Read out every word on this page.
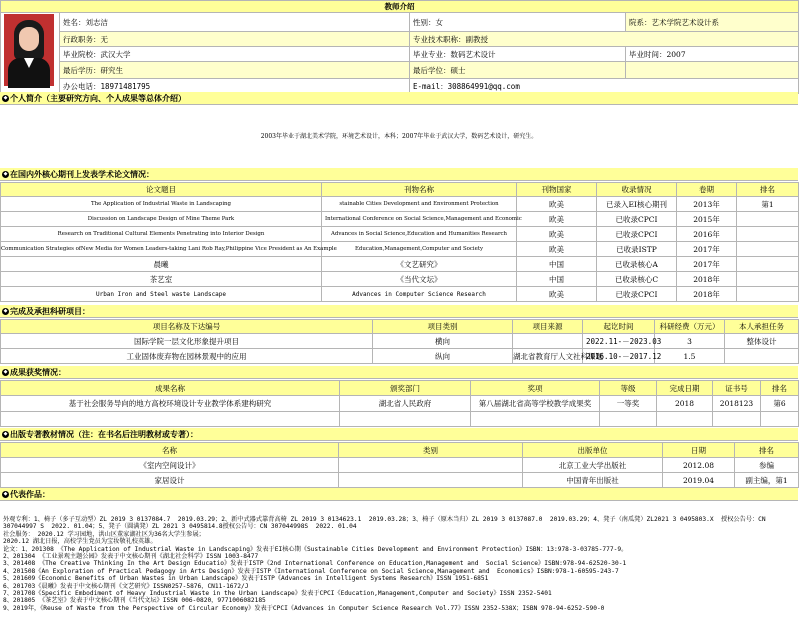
教师介绍			
	姓名：刘志洁	性别：女	院系：艺术学院艺术设计系
	行政职务：无	专业技术职称：副教授	
	毕业院校：武汉大学	毕业专业：数码艺术设计	毕业时间：2007
	最后学历：研究生	最后学位：硕士	
	办公电话：18971481795	E-mail：308864991@qq.com	
◆ 个人简介（主要研究方向、个人成果等总体介绍）
2003年毕业于湖北美术学院，环境艺术设计，本科；2007年毕业于武汉大学，数码艺术设计，研究生。
◆ 在国内外核心期刊上发表学术论文情况：
论文题目	刊物名称	刊物国家	收录情况	卷期	排名
The Application of Industrial Waste in Landscaping	stainable Cities Development and Environment Protection	欧美	已录入EI核心期刊	2013年	第1
Discussion on Landscape Design of Mine Theme Park	International Conference on Social Science,Management and Economic	欧美	已收录CPCI	2015年	
Research on Traditional Cultural Elements Penetrating into Interior Design	Advances in Social Science,Education and Humanities Research	欧美	已收录CPCI	2016年	
Communication Strategies ofNew Media for Women Leaders-taking Lani Rob Ray,Philippine Vice President as An Example	Education,Management,Computer and Society	欧美	已收录ISTP	2017年	
晨曦	《文艺研究》	中国	已收录核心A	2017年	
茶艺室	《当代文坛》	中国	已收录核心C	2018年	
Urban Iron and Steel waste Landscape	Advances in Computer Science Research	欧美	已收录CPCI	2018年	
◆ 完成及承担科研项目：
项目名称及下达编号	项目类别	项目来源	起讫时间	科研经费（万元）	本人承担任务
国际学院一层文化形象提升项目	横向		2022.11-－2023.03	3	整体设计
工业固体废弃物在园林景观中的应用	纵向	湖北省教育厅人文社科课题	2016.10-－2017.12	1.5	
◆ 成果获奖情况：
成果名称	颁奖部门	奖项	等级	完成日期	证书号	排名
基于社会服务导向的地方高校环境设计专业教学体系建构研究	湖北省人民政府	第八届湖北省高等学校教学成果奖	一等奖	2018	2018123	第6

◆ 出版专著教材情况（注：在书名后注明教材或专著）：
名称	类别	出版单位	日期	排名
《室内空间设计》		北京工业大学出版社	2012.08	参编
家居设计		中国青年出版社	2019.04	副主编，第1
◆ 代表作品：
外观专利：1、椅子（多子互动型）ZL 2019 3 0137084.7  2019.03.29；2、新中式器式靠背高椅 ZL 2019 3 0134623.1  2019.03.28；3、椅子（原木当归）ZL 2019 3 0137087.0  2019.03.29；4、凳子（南瓜凳）ZL2021 3 0495803.X  授权公告号：CN
307044997 S  2022. 01.04；5、凳子（圆满凳）ZL 2021 3 0495814.8授权公告号：CN 307044998S  2022. 01.04
社会服务： 2020.12 学习园地，洪山区董家湖社区为36名大学生参展；
2020.12 湖北日报，高校学生党员为宝妆敬礼校英雄。
论文：1、201308 《The Application of Industrial Waste in Landscaping》发表于EI核心期《Sustainable Cities Development and Environment Protection》ISBN：13:978-3-03785-777-9。
2、201304 《工业景观主题公园》发表于中文核心期刊《湖北社会科学》ISSN 1003-8477
3、201408 《The Creative Thinking In the Art Design Educatio》发表于ISTP《2nd International Conference on Education,Management and  Social Science》ISBN:978-94-62520-30-1
4、201508《An Exploration of Practical Pedagogy in Arts Design》发表于ISTP《International Conference on Social Science,Management and  Economics》ISBN:978-1-60595-243-7
5、201609《Economic Benefits of Urban Wastes in Urban Landscape》发表于ISTP《Advances in Intelligent Systems Research》ISSN 1951-6851
6、201703《晨曦》发表于中文核心期刊《文艺研究》ISSN0257-5876，CN11-1672/J
7、201708《Specific Embodiment of Heavy Industrial Waste in the Urban Landscape》发表于CPCI《Education,Management,Computer and Society》ISSN 2352-5401
8、201805 《茶艺室》发表于中文核心期刊《当代文坛》ISSN 006-0820，9771006082185
9、2019年，《Reuse of Waste from the Perspective of Circular Economy》发表于CPCI《Advances in Computer Science Research Vol.77》ISSN 2352-538X；ISBN 978-94-6252-590-0
